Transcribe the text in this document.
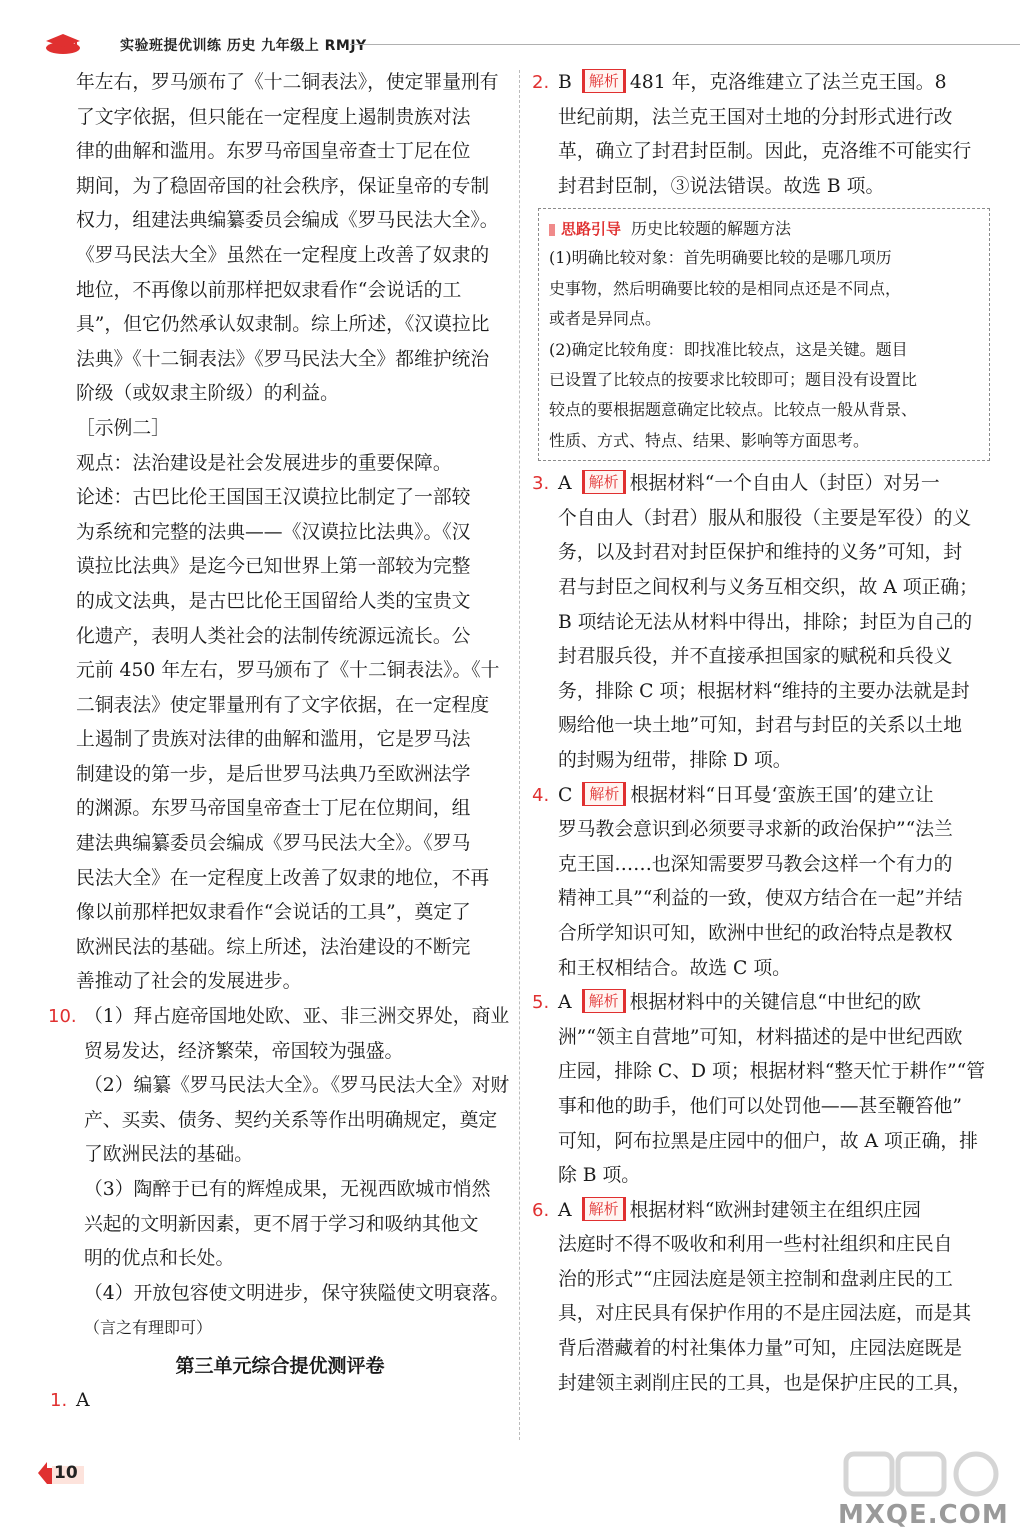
实验班提优训练 历史 九年级上 RMJY

年左右，罗马颁布了《十二铜表法》，使定罪量刑有

了文字依据，但只能在一定程度上遏制贵族对法

律的曲解和滥用。东罗马帝国皇帝查士丁尼在位

期间，为了稳固帝国的社会秩序，保证皇帝的专制

权力，组建法典编纂委员会编成《罗马民法大全》。

《罗马民法大全》虽然在一定程度上改善了奴隶的

地位，不再像以前那样把奴隶看作“会说话的工

具”，但它仍然承认奴隶制。综上所述，《汉谟拉比

法典》《十二铜表法》《罗马民法大全》都维护统治

阶级（或奴隶主阶级）的利益。

［示例二］

观点：法治建设是社会发展进步的重要保障。

论述：古巴比伦王国国王汉谟拉比制定了一部较

为系统和完整的法典——《汉谟拉比法典》。《汉

谟拉比法典》是迄今已知世界上第一部较为完整

的成文法典，是古巴比伦王国留给人类的宝贵文

化遗产，表明人类社会的法制传统源远流长。公

元前 450 年左右，罗马颁布了《十二铜表法》。《十

二铜表法》使定罪量刑有了文字依据，在一定程度

上遏制了贵族对法律的曲解和滥用，它是罗马法

制建设的第一步，是后世罗马法典乃至欧洲法学

的渊源。东罗马帝国皇帝查士丁尼在位期间，组

建法典编纂委员会编成《罗马民法大全》。《罗马

民法大全》在一定程度上改善了奴隶的地位，不再

像以前那样把奴隶看作“会说话的工具”，奠定了

欧洲民法的基础。综上所述，法治建设的不断完

善推动了社会的发展进步。

10. （1）拜占庭帝国地处欧、亚、非三洲交界处，商业

贸易发达，经济繁荣，帝国较为强盛。

（2）编纂《罗马民法大全》。《罗马民法大全》对财

产、买卖、债务、契约关系等作出明确规定，奠定

了欧洲民法的基础。

（3）陶醉于已有的辉煌成果，无视西欧城市悄然

兴起的文明新因素，更不屑于学习和吸纳其他文

明的优点和长处。

（4）开放包容使文明进步，保守狭隘使文明衰落。

（言之有理即可）

第三单元综合提优测评卷

1. A

2. B 解析 481 年，克洛维建立了法兰克王国。8

世纪前期，法兰克王国对土地的分封形式进行改

革，确立了封君封臣制。因此，克洛维不可能实行

封君封臣制，③说法错误。故选 B 项。

思路引导 历史比较题的解题方法

(1)明确比较对象：首先明确要比较的是哪几项历

史事物，然后明确要比较的是相同点还是不同点，

或者是异同点。

(2)确定比较角度：即找准比较点，这是关键。题目

已设置了比较点的按要求比较即可；题目没有设置比

较点的要根据题意确定比较点。比较点一般从背景、

性质、方式、特点、结果、影响等方面思考。

3. A 解析 根据材料“一个自由人（封臣）对另一

个自由人（封君）服从和服役（主要是军役）的义

务，以及封君对封臣保护和维持的义务”可知，封

君与封臣之间权利与义务互相交织，故 A 项正确；

B 项结论无法从材料中得出，排除；封臣为自己的

封君服兵役，并不直接承担国家的赋税和兵役义

务，排除 C 项；根据材料“维持的主要办法就是封

赐给他一块土地”可知，封君与封臣的关系以土地

的封赐为纽带，排除 D 项。

4. C 解析 根据材料“日耳曼‘蛮族王国’的建立让

罗马教会意识到必须要寻求新的政治保护”“法兰

克王国……也深知需要罗马教会这样一个有力的

精神工具”“利益的一致，使双方结合在一起”并结

合所学知识可知，欧洲中世纪的政治特点是教权

和王权相结合。故选 C 项。

5. A 解析 根据材料中的关键信息“中世纪的欧

洲”“领主自营地”可知，材料描述的是中世纪西欧

庄园，排除 C、D 项；根据材料“整天忙于耕作”“管

事和他的助手，他们可以处罚他——甚至鞭笞他”

可知，阿布拉黑是庄园中的佃户，故 A 项正确，排

除 B 项。

6. A 解析 根据材料“欧洲封建领主在组织庄园

法庭时不得不吸收和利用一些村社组织和庄民自

治的形式”“庄园法庭是领主控制和盘剥庄民的工

具，对庄民具有保护作用的不是庄园法庭，而是其

背后潜藏着的村社集体力量”可知，庄园法庭既是

封建领主剥削庄民的工具，也是保护庄民的工具，

10
MXQE.COM
